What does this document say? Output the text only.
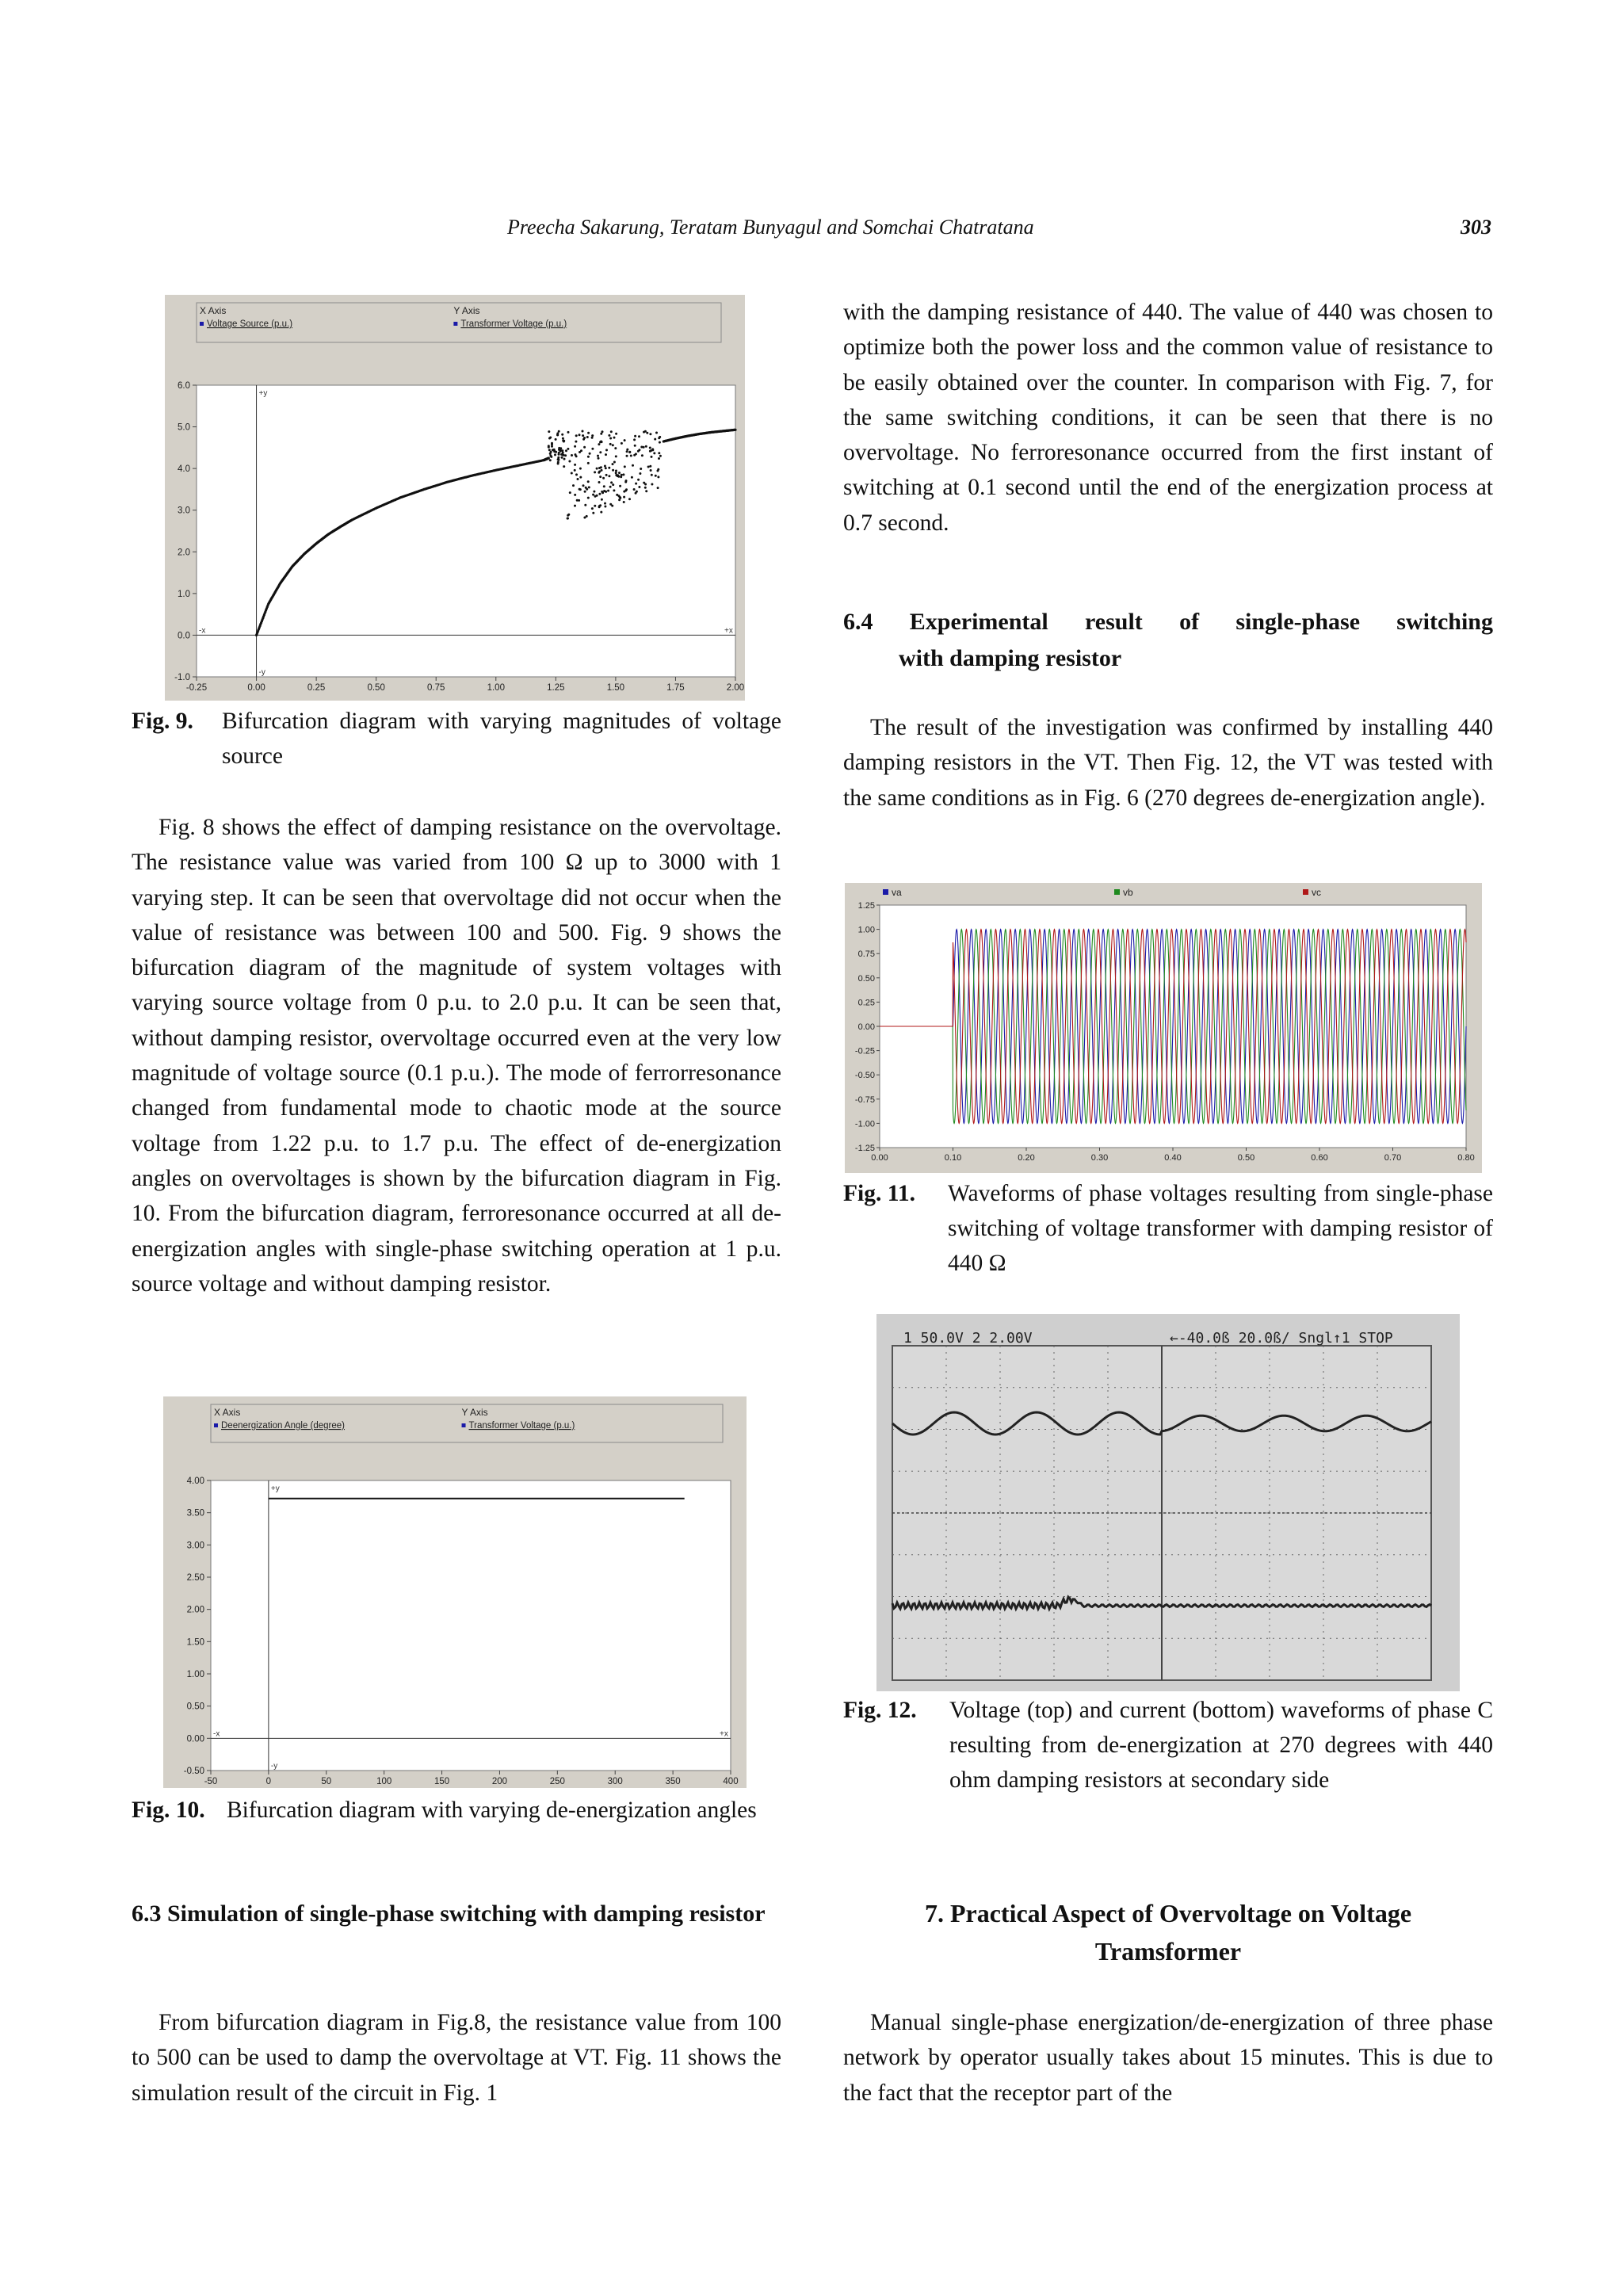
Preecha Sakarung, Teratam Bunyagul and Somchai Chatratana	303
X Axis	Y Axis
Voltage Source (p.u.)	Transformer Voltage (p.u.)
-1.0
0.0
1.0
2.0
3.0
4.0
5.0
6.0
-0.25	0.00	0.25	0.50	0.75	1.00	1.25	1.50	1.75	2.00
+x
-x
+y
-y
Fig. 9.	Bifurcation diagram with varying magnitudes of voltage source

Fig. 8 shows the effect of damping resistance on the overvoltage. The resistance value was varied from 100 Ω up to 3000 with 1 varying step. It can be seen that overvoltage did not occur when the value of resistance was between 100 and 500. Fig. 9 shows the bifurcation diagram of the magnitude of system voltages with varying source voltage from 0 p.u. to 2.0 p.u. It can be seen that, without damping resistor, overvoltage occurred even at the very low magnitude of voltage source (0.1 p.u.). The mode of ferrorresonance changed from fundamental mode to chaotic mode at the source voltage from 1.22 p.u. to 1.7 p.u. The effect of de-energization angles on overvoltages is shown by the bifurcation diagram in Fig. 10. From the bifurcation diagram, ferroresonance occurred at all de-energization angles with single-phase switching operation at 1 p.u. source voltage and without damping resistor.

X Axis	Y Axis
Deenergization Angle (degree)	Transformer Voltage (p.u.)
-0.50
0.00
0.50
1.00
1.50
2.00
2.50
3.00
3.50
4.00
-50	0	50	100	150	200	250	300	350	400
+x
-x
+y
-y
Fig. 10. Bifurcation diagram with varying de-energization angles
6.3 Simulation of single-phase switching with damping resistor

From bifurcation diagram in Fig.8, the resistance value from 100 to 500 can be used to damp the overvoltage at VT. Fig. 11 shows the simulation result of the circuit in Fig. 1

with the damping resistance of 440. The value of 440 was chosen to optimize both the power loss and the common value of resistance to be easily obtained over the counter. In comparison with Fig. 7, for the same switching conditions, it can be seen that there is no overvoltage. No ferroresonance occurred from the first instant of switching at 0.1 second until the end of the energization process at 0.7 second.

6.4 Experimental result of single-phase switching
with damping resistor

The result of the investigation was confirmed by installing 440 damping resistors in the VT. Then Fig. 12, the VT was tested with the same conditions as in Fig. 6 (270 degrees de-energization angle).

va	vb	vc
1.25
1.00
0.75
0.50
0.25
0.00
-0.25
-0.50
-0.75
-1.00
-1.25
0.00	0.10	0.20	0.30	0.40	0.50	0.60	0.70	0.80
Fig. 11.	Waveforms of phase voltages resulting from single-phase switching of voltage transformer with damping resistor of 440 Ω
1 50.0V 2 2.00V	←-40.0ß 20.0ß/ Sngl↑1 STOP
Fig. 12.	Voltage (top) and current (bottom) waveforms of phase C resulting from de-energization at 270 degrees with 440 ohm damping resistors at secondary side
7. Practical Aspect of Overvoltage on Voltage
Tramsformer

Manual single-phase energization/de-energization of three phase network by operator usually takes about 15 minutes. This is due to the fact that the receptor part of the
